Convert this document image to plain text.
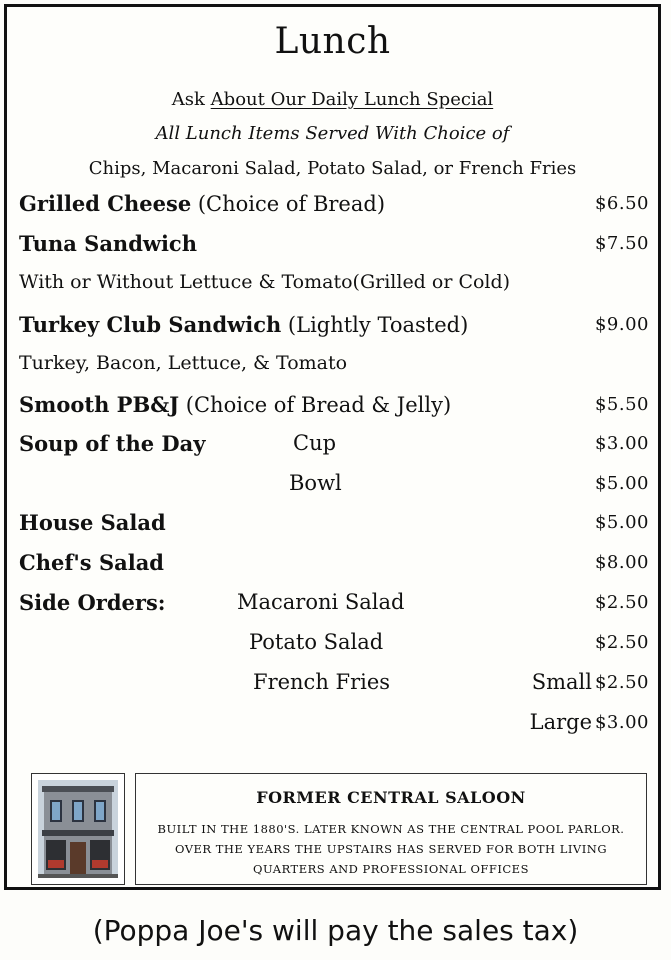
Lunch
Ask About Our Daily Lunch Special
All Lunch Items Served With Choice of
Chips, Macaroni Salad, Potato Salad, or French Fries
Grilled Cheese (Choice of Bread)	$6.50
Tuna Sandwich	$7.50
With or Without Lettuce & Tomato(Grilled or Cold)
Turkey Club Sandwich (Lightly Toasted)	$9.00
Turkey, Bacon, Lettuce, & Tomato
Smooth PB&J (Choice of Bread & Jelly)	$5.50
Soup of the Day	Cup	$3.00
Bowl	$5.00
House Salad	$5.00
Chef's Salad	$8.00
Side Orders:	Macaroni Salad	$2.50
Potato Salad	$2.50
French Fries	Small $2.50
Large $3.00
FORMER CENTRAL SALOON
BUILT IN THE 1880'S. LATER KNOWN AS THE CENTRAL POOL PARLOR.
OVER THE YEARS THE UPSTAIRS HAS SERVED FOR BOTH LIVING
QUARTERS AND PROFESSIONAL OFFICES
(Poppa Joe's will pay the sales tax)
